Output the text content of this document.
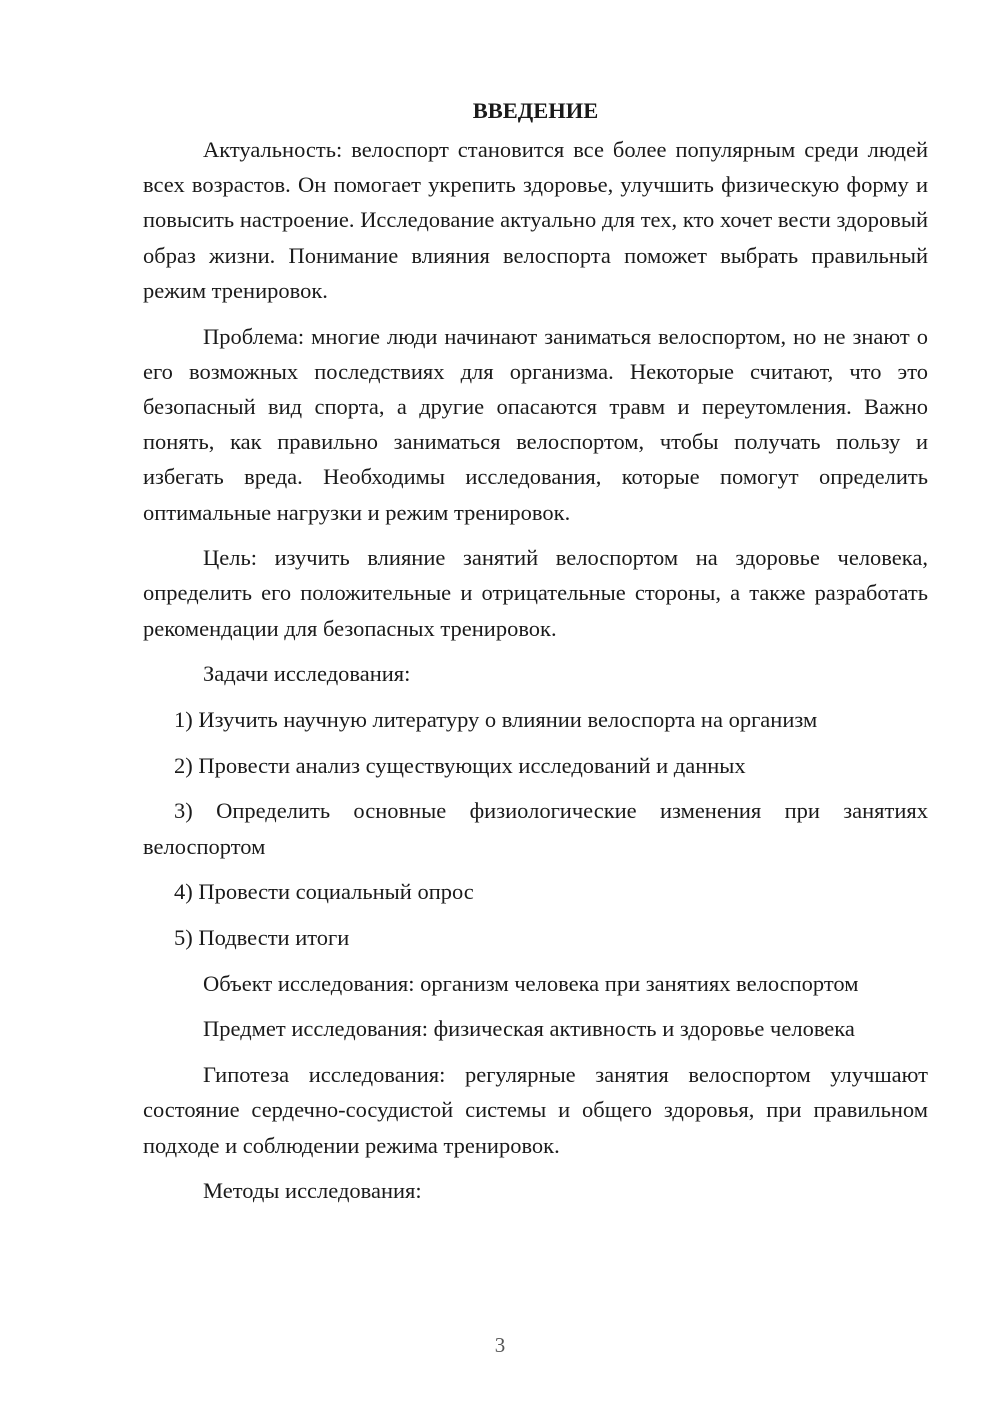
ВВЕДЕНИЕ

Актуальность: велоспорт становится все более популярным среди людей всех возрастов. Он помогает укрепить здоровье, улучшить физическую форму и повысить настроение. Исследование актуально для тех, кто хочет вести здоровый образ жизни. Понимание влияния велоспорта поможет выбрать правильный режим тренировок.

Проблема: многие люди начинают заниматься велоспортом, но не знают о его возможных последствиях для организма. Некоторые считают, что это безопасный вид спорта, а другие опасаются травм и переутомления. Важно понять, как правильно заниматься велоспортом, чтобы получать пользу и избегать вреда. Необходимы исследования, которые помогут определить оптимальные нагрузки и режим тренировок.

Цель: изучить влияние занятий велоспортом на здоровье человека, определить его положительные и отрицательные стороны, а также разработать рекомендации для безопасных тренировок.

Задачи исследования:

1) Изучить научную литературу о влиянии велоспорта на организм

2) Провести анализ существующих исследований и данных

3) Определить основные физиологические изменения при занятиях велоспортом

4) Провести социальный опрос

5) Подвести итоги

Объект исследования: организм человека при занятиях велоспортом

Предмет исследования: физическая активность и здоровье человека

Гипотеза исследования: регулярные занятия велоспортом улучшают состояние сердечно-сосудистой системы и общего здоровья, при правильном подходе и соблюдении режима тренировок.

Методы исследования:

3
